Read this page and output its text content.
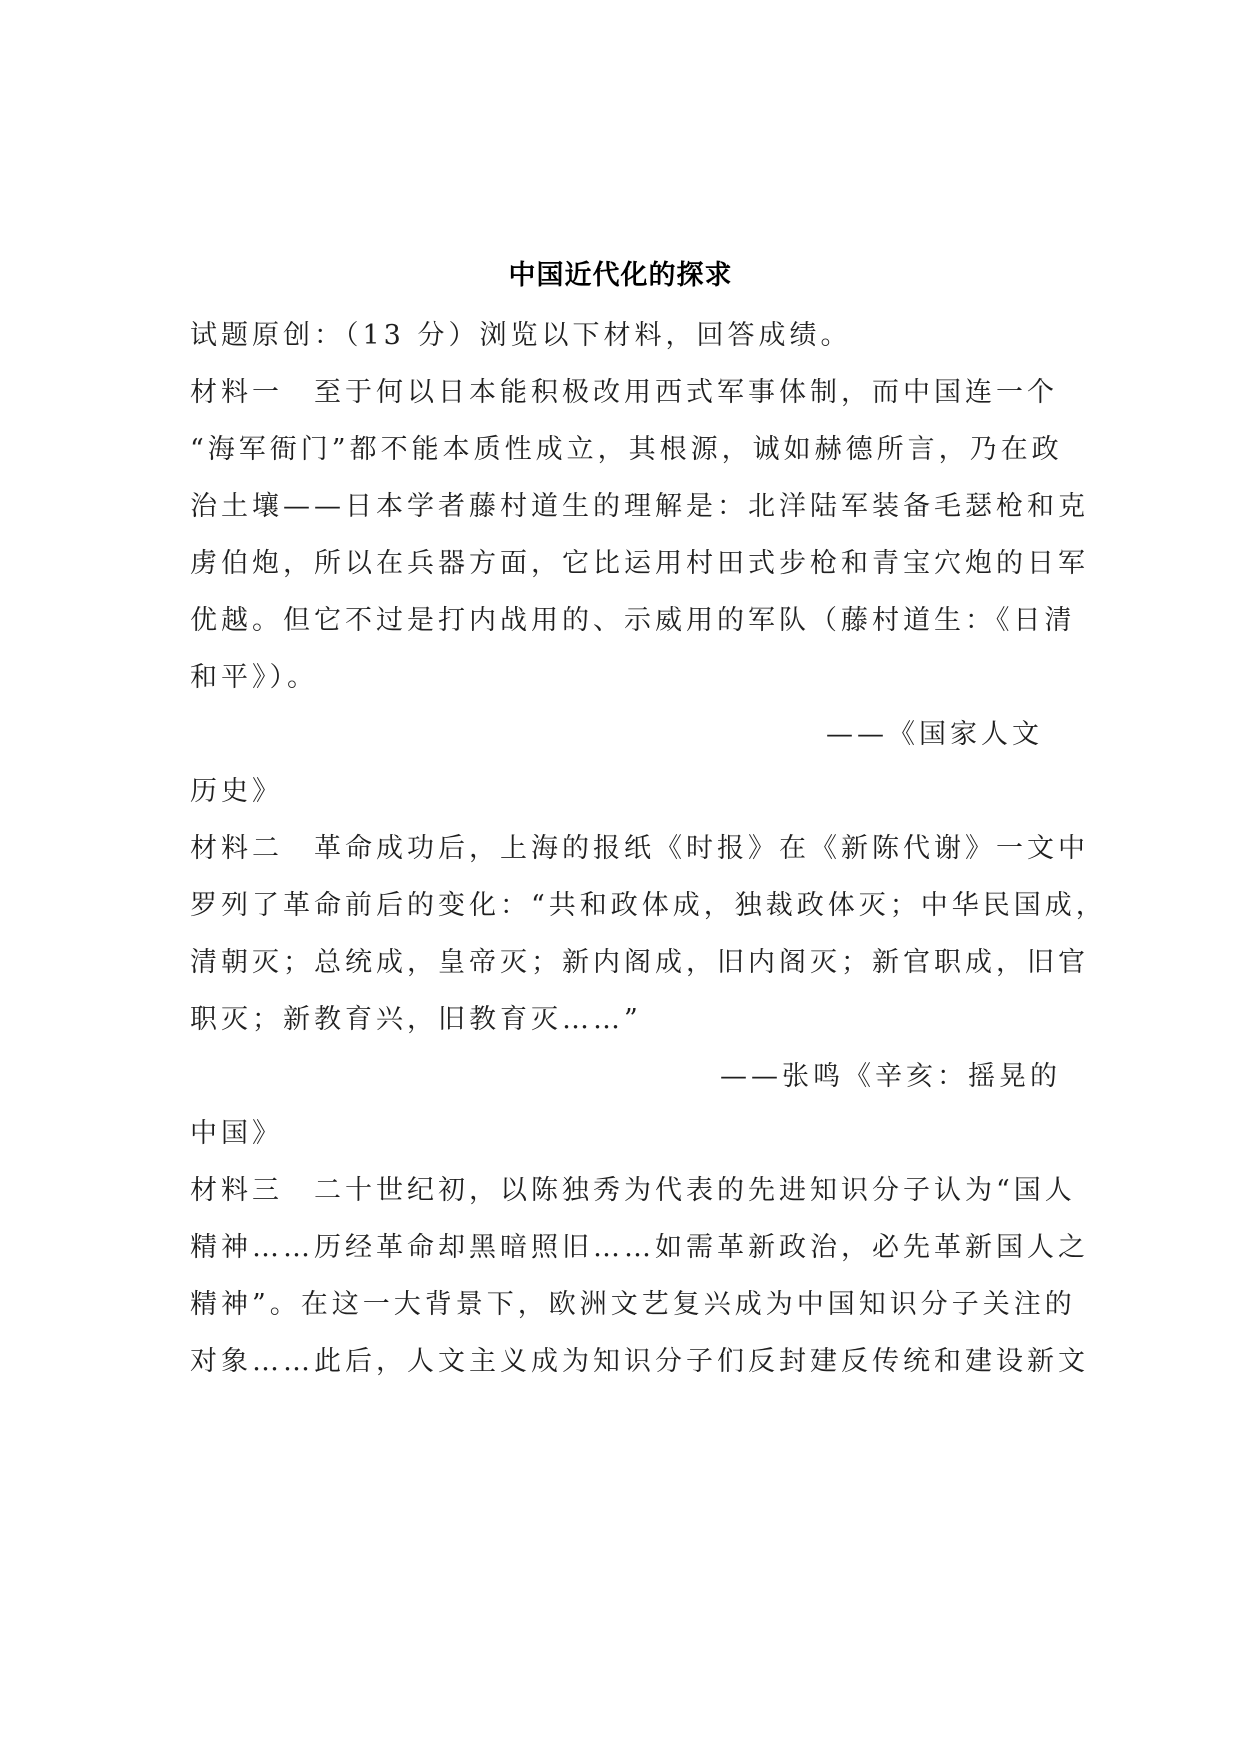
中国近代化的探求
试题原创：（13 分）浏览以下材料，回答成绩。
材料一　至于何以日本能积极改用西式军事体制，而中国连一个
“海军衙门”都不能本质性成立，其根源，诚如赫德所言，乃在政
治土壤——日本学者藤村道生的理解是：北洋陆军装备毛瑟枪和克
虏伯炮，所以在兵器方面，它比运用村田式步枪和青宝穴炮的日军
优越。但它不过是打内战用的、示威用的军队（藤村道生：《日清
和平》）。
——《国家人文
历史》
材料二　革命成功后，上海的报纸《时报》在《新陈代谢》一文中
罗列了革命前后的变化：“共和政体成，独裁政体灭；中华民国成，
清朝灭；总统成，皇帝灭；新内阁成，旧内阁灭；新官职成，旧官
职灭；新教育兴，旧教育灭……”
——张鸣《辛亥：摇晃的
中国》
材料三　二十世纪初，以陈独秀为代表的先进知识分子认为“国人
精神……历经革命却黑暗照旧……如需革新政治，必先革新国人之
精神”。在这一大背景下，欧洲文艺复兴成为中国知识分子关注的
对象……此后，人文主义成为知识分子们反封建反传统和建设新文
